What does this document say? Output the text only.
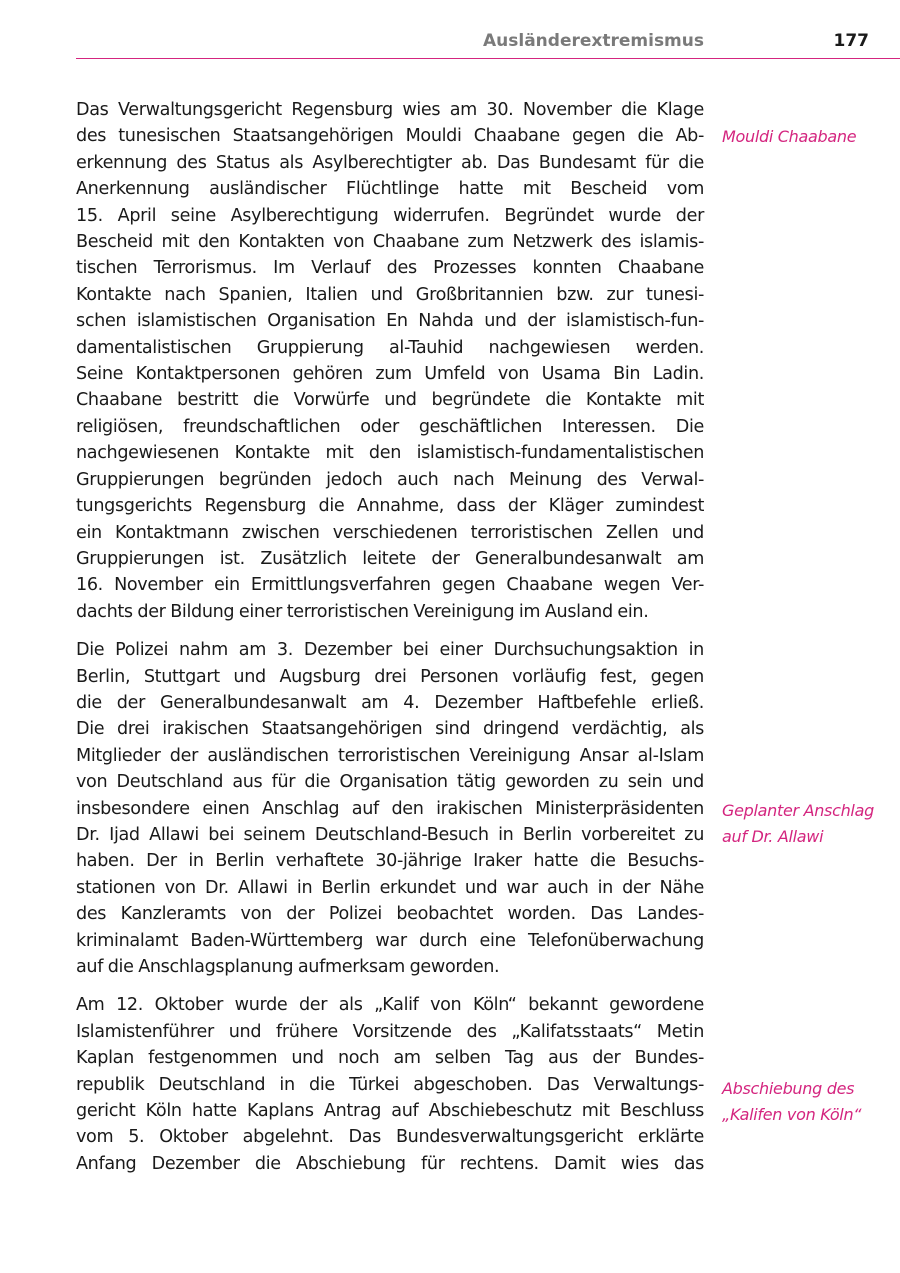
Ausländerextremismus	177

Das Verwaltungsgericht Regensburg wies am 30. November die Klage
des tunesischen Staatsangehörigen Mouldi Chaabane gegen die Ab-
erkennung des Status als Asylberechtigter ab. Das Bundesamt für die
Anerkennung ausländischer Flüchtlinge hatte mit Bescheid vom
15. April seine Asylberechtigung widerrufen. Begründet wurde der
Bescheid mit den Kontakten von Chaabane zum Netzwerk des islamis-
tischen Terrorismus. Im Verlauf des Prozesses konnten Chaabane
Kontakte nach Spanien, Italien und Großbritannien bzw. zur tunesi-
schen islamistischen Organisation En Nahda und der islamistisch-fun-
damentalistischen Gruppierung al-Tauhid nachgewiesen werden.
Seine Kontaktpersonen gehören zum Umfeld von Usama Bin Ladin.
Chaabane bestritt die Vorwürfe und begründete die Kontakte mit
religiösen, freundschaftlichen oder geschäftlichen Interessen. Die
nachgewiesenen Kontakte mit den islamistisch-fundamentalistischen
Gruppierungen begründen jedoch auch nach Meinung des Verwal-
tungsgerichts Regensburg die Annahme, dass der Kläger zumindest
ein Kontaktmann zwischen verschiedenen terroristischen Zellen und
Gruppierungen ist. Zusätzlich leitete der Generalbundesanwalt am
16. November ein Ermittlungsverfahren gegen Chaabane wegen Ver-
dachts der Bildung einer terroristischen Vereinigung im Ausland ein.

Die Polizei nahm am 3. Dezember bei einer Durchsuchungsaktion in
Berlin, Stuttgart und Augsburg drei Personen vorläufig fest, gegen
die der Generalbundesanwalt am 4. Dezember Haftbefehle erließ.
Die drei irakischen Staatsangehörigen sind dringend verdächtig, als
Mitglieder der ausländischen terroristischen Vereinigung Ansar al-Islam
von Deutschland aus für die Organisation tätig geworden zu sein und
insbesondere einen Anschlag auf den irakischen Ministerpräsidenten
Dr. Ijad Allawi bei seinem Deutschland-Besuch in Berlin vorbereitet zu
haben. Der in Berlin verhaftete 30-jährige Iraker hatte die Besuchs-
stationen von Dr. Allawi in Berlin erkundet und war auch in der Nähe
des Kanzleramts von der Polizei beobachtet worden. Das Landes-
kriminalamt Baden-Württemberg war durch eine Telefonüberwachung
auf die Anschlagsplanung aufmerksam geworden.

Am 12. Oktober wurde der als „Kalif von Köln“ bekannt gewordene
Islamistenführer und frühere Vorsitzende des „Kalifatsstaats“ Metin
Kaplan festgenommen und noch am selben Tag aus der Bundes-
republik Deutschland in die Türkei abgeschoben. Das Verwaltungs-
gericht Köln hatte Kaplans Antrag auf Abschiebeschutz mit Beschluss
vom 5. Oktober abgelehnt. Das Bundesverwaltungsgericht erklärte
Anfang Dezember die Abschiebung für rechtens. Damit wies das

Mouldi Chaabane
Geplanter Anschlag
auf Dr. Allawi
Abschiebung des
„Kalifen von Köln“
